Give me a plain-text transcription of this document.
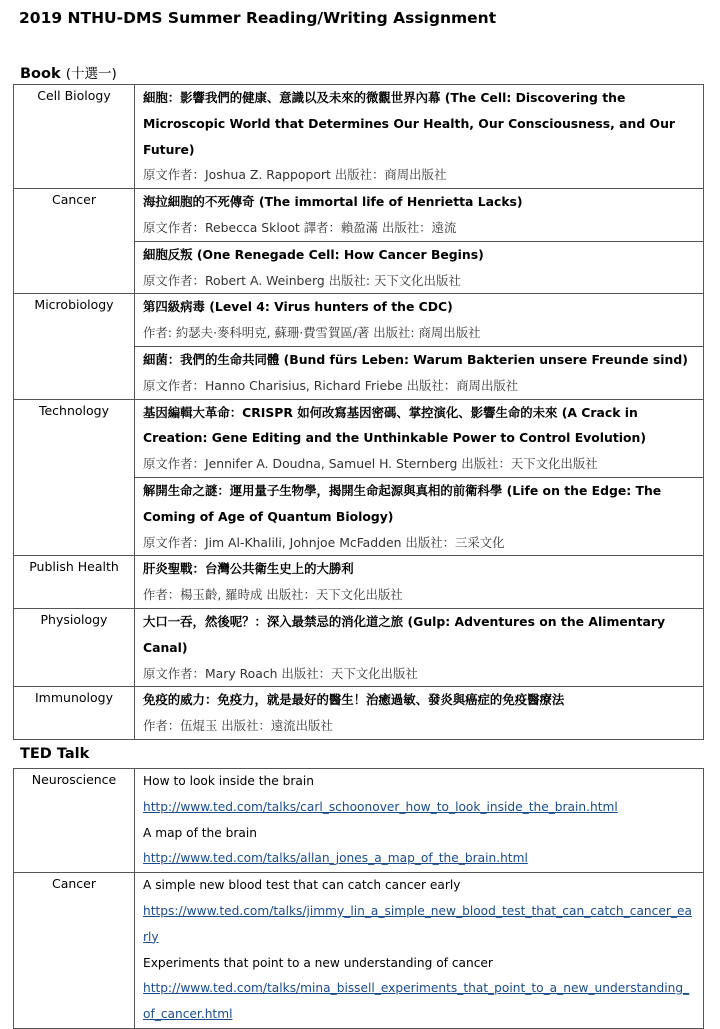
2019 NTHU-DMS Summer Reading/Writing Assignment
Book (十選一)
Cell Biology	細胞：影響我們的健康、意識以及未來的微觀世界內幕 (The Cell: Discovering the Microscopic World that Determines Our Health, Our Consciousness, and Our Future)
原文作者：Joshua Z. Rappoport 出版社：商周出版社

Cancer	海拉細胞的不死傳奇 (The immortal life of Henrietta Lacks)
原文作者：Rebecca Skloot 譯者：賴盈滿 出版社：遠流
細胞反叛 (One Renegade Cell: How Cancer Begins)
原文作者：Robert A. Weinberg 出版社: 天下文化出版社

Microbiology	第四級病毒 (Level 4: Virus hunters of the CDC)
作者: 約瑟夫·麥科明克, 蘇珊·費雪賀區/著 出版社: 商周出版社
細菌：我們的生命共同體 (Bund fürs Leben: Warum Bakterien unsere Freunde sind)
原文作者：Hanno Charisius, Richard Friebe 出版社：商周出版社

Technology	基因編輯大革命：CRISPR 如何改寫基因密碼、掌控演化、影響生命的未來 (A Crack in Creation: Gene Editing and the Unthinkable Power to Control Evolution)
原文作者：Jennifer A. Doudna, Samuel H. Sternberg 出版社：天下文化出版社
解開生命之謎：運用量子生物學，揭開生命起源與真相的前衛科學 (Life on the Edge: The Coming of Age of Quantum Biology)
原文作者：Jim Al-Khalili, Johnjoe McFadden 出版社：三采文化

Publish Health	肝炎聖戰：台灣公共衛生史上的大勝利
作者：楊玉齡, 羅時成 出版社：天下文化出版社

Physiology	大口一吞，然後呢？：深入最禁忌的消化道之旅 (Gulp: Adventures on the Alimentary Canal)
原文作者：Mary Roach 出版社：天下文化出版社

Immunology	免疫的威力：免疫力，就是最好的醫生！治癒過敏、發炎與癌症的免疫醫療法
作者：伍焜玉 出版社：遠流出版社
TED Talk
Neuroscience	How to look inside the brain
http://www.ted.com/talks/carl_schoonover_how_to_look_inside_the_brain.html
A map of the brain
http://www.ted.com/talks/allan_jones_a_map_of_the_brain.html

Cancer	A simple new blood test that can catch cancer early
https://www.ted.com/talks/jimmy_lin_a_simple_new_blood_test_that_can_catch_cancer_early
Experiments that point to a new understanding of cancer
http://www.ted.com/talks/mina_bissell_experiments_that_point_to_a_new_understanding_of_cancer.html
